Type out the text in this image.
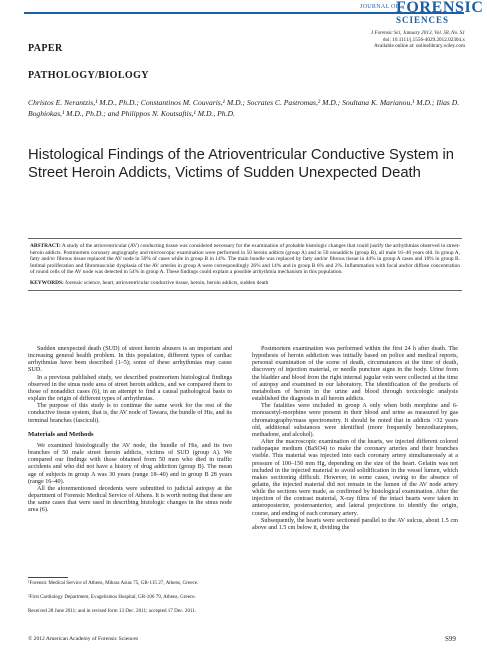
JOURNAL OF
FORENSIC
SCIENCES
J Forensic Sci, January 2013, Vol. 58, No. S1
doi: 10.1111/j.1556-4029.2012.02304.x
Available online at: onlinelibrary.wiley.com
PAPER
PATHOLOGY/BIOLOGY
Christos E. Nerantzis,¹ M.D., Ph.D.; Constantinos M. Couvaris,¹ M.D.; Socrates C. Pastromas,² M.D.; Soultana K. Marianou,¹ M.D.; Ilias D. Boghiokas,¹ M.D., Ph.D.; and Philippos N. Koutsaftis,¹ M.D., Ph.D.
Histological Findings of the Atrioventricular Conductive System in Street Heroin Addicts, Victims of Sudden Unexpected Death
ABSTRACT: A study of the atrioventricular (AV) conducting tissue was considered necessary for the examination of probable histologic changes that could justify the arrhythmias observed in street-heroin addicts. Postmortem coronary angiography and microscopic examination were performed in 50 heroin addicts (group A) and in 50 nonaddicts (group B), all male 16–40 years old. In group A, fatty and/or fibrous tissue replaced the AV node in 50% of cases while in group B in 14%. The main bundle was replaced by fatty and/or fibrous tissue in 44% in group A cases and 10% in group B. Intimal proliferation and fibromuscular dysplasia of the AV arteries in group A were correspondingly 26% and 14% and in group B 6% and 2%. Inflammation with focal and/or diffuse concentration of round cells of the AV node was detected in 54% in group A. These findings could explain a possible arrhythmia mechanism in this population.
KEYWORDS: forensic science, heart, atrioventricular conductive tissue, heroin, heroin addicts, sudden death

Sudden unexpected death (SUD) of street heroin abusers is an important and increasing general health problem. In this population, different types of cardiac arrhythmias have been described (1–5); some of these arrhythmias may cause SUD.

In a previous published study, we described postmortem histological findings observed in the sinus node area of street heroin addicts, and we compared them to those of nonaddict cases (6), in an attempt to find a causal pathological basis to explain the origin of different types of arrhythmias.

The purpose of this study is to continue the same work for the rest of the conductive tissue system, that is, the AV node of Tawara, the bundle of His, and its terminal branches (fasciculi).

Materials and Methods

We examined histologically the AV node, the bundle of His, and its two branches of 50 male street heroin addicts, victims of SUD (group A). We compared our findings with those obtained from 50 men who died in traffic accidents and who did not have a history of drug addiction (group B). The mean age of subjects in group A was 30 years (range 18–40) and in group B 28 years (range 16–40).

All the aforementioned decedents were submitted to judicial autopsy at the department of Forensic Medical Service of Athens. It is worth noting that these are the same cases that were used in describing histologic changes in the sinus node area (6).

Postmortem examination was performed within the first 24 h after death. The hypothesis of heroin addiction was initially based on police and medical reports, personal examination of the scene of death, circumstances at the time of death, discovery of injection material, or needle puncture signs in the body. Urine from the bladder and blood from the right internal jugular vein were collected at the time of autopsy and examined in our laboratory. The identification of the products of metabolism of heroin in the urine and blood through toxicologic analysis established the diagnosis in all heroin addicts.

The fatalities were included in group A only when both morphine and 6-monoacetyl-morphine were present in their blood and urine as measured by gas chromatography/mass spectrometry. It should be noted that in addicts >32 years old, additional substances were identified (more frequently benzodiazepines, methadone, and alcohol).

After the macroscopic examination of the hearts, we injected different colored radiopaque medium (BaSO4) to make the coronary arteries and their branches visible. This material was injected into each coronary artery simultaneously at a pressure of 100–150 mm Hg, depending on the size of the heart. Gelatin was not included in the injected material to avoid solidification in the vessel lumen, which makes sectioning difficult. However, in some cases, owing to the absence of gelatin, the injected material did not remain in the lumen of the AV node artery while the sections were made, as confirmed by histological examination. After the injection of the contrast material, X-ray films of the intact hearts were taken in anteroposterior, posteroanterior, and lateral projections to identify the origin, course, and ending of each coronary artery.

Subsequently, the hearts were sectioned parallel to the AV sulcus, about 1.5 cm above and 1.5 cm below it, dividing the

¹Forensic Medical Service of Athens, Mikras Asias 75, GR-115 27, Athens, Greece.
²First Cardiology Department, Evagelismos Hospital, GR-106 79, Athens, Greece.
Received 28 June 2011; and in revised form 13 Dec. 2011; accepted 17 Dec. 2011.
© 2012 American Academy of Forensic Sciences	S99
